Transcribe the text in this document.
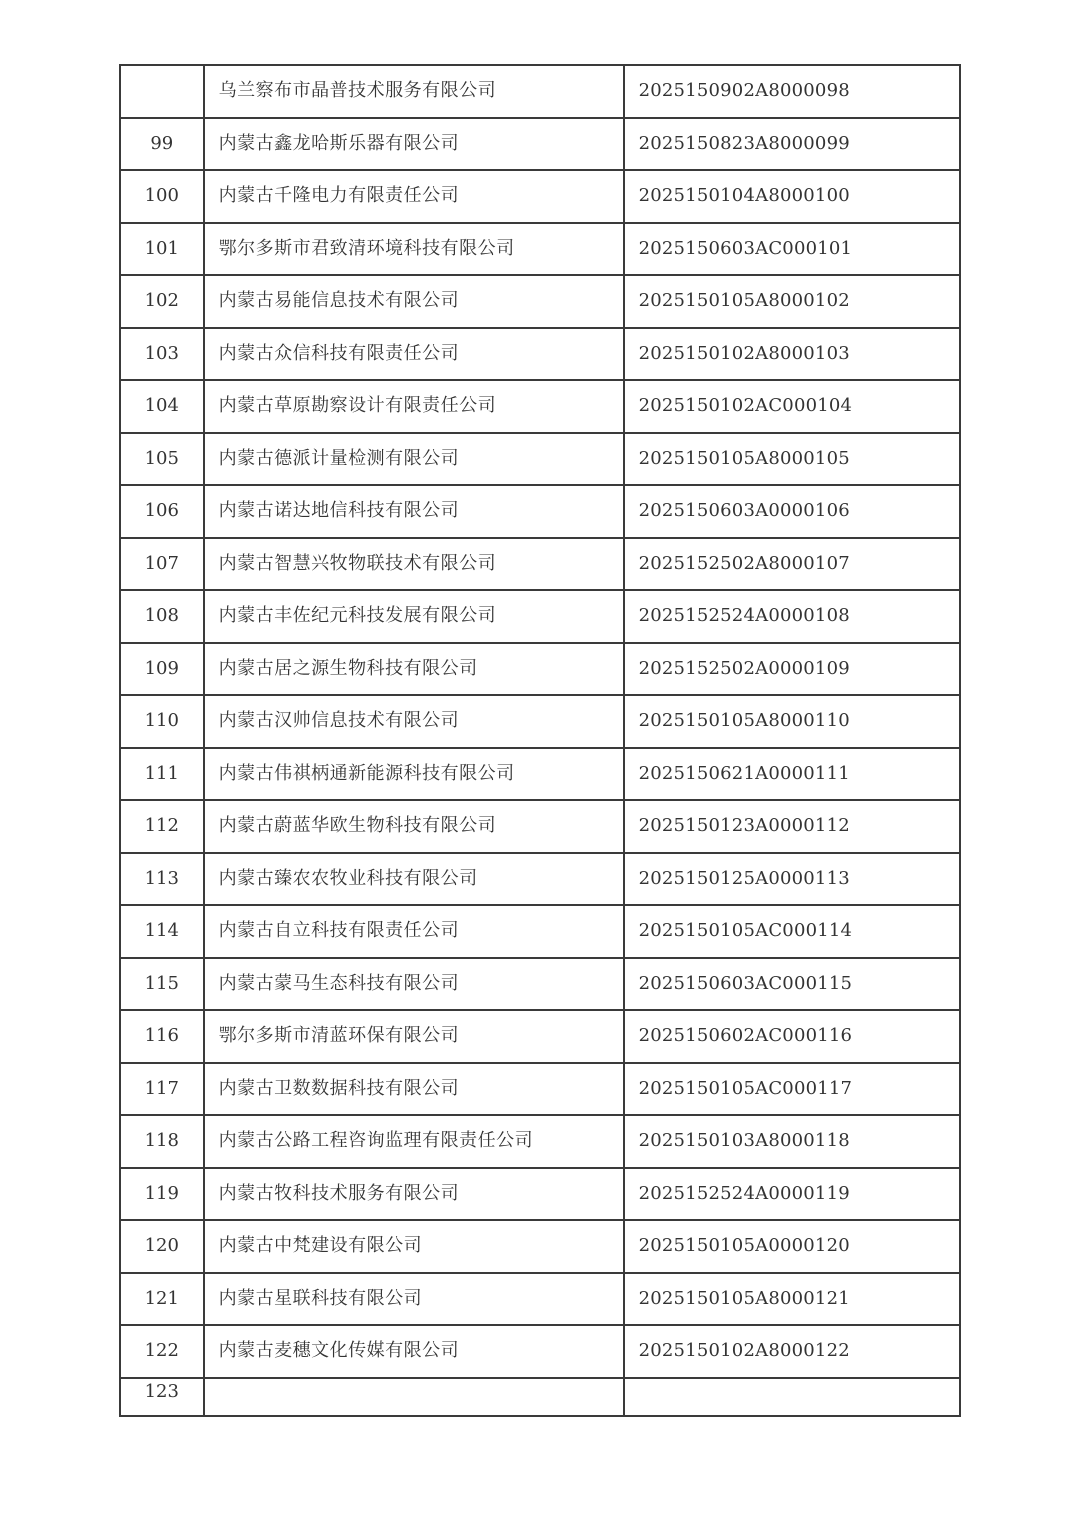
	乌兰察布市晶普技术服务有限公司	2025150902A8000098
99	内蒙古鑫龙哈斯乐器有限公司	2025150823A8000099
100	内蒙古千隆电力有限责任公司	2025150104A8000100
101	鄂尔多斯市君致清环境科技有限公司	2025150603AC000101
102	内蒙古易能信息技术有限公司	2025150105A8000102
103	内蒙古众信科技有限责任公司	2025150102A8000103
104	内蒙古草原勘察设计有限责任公司	2025150102AC000104
105	内蒙古德派计量检测有限公司	2025150105A8000105
106	内蒙古诺达地信科技有限公司	2025150603A0000106
107	内蒙古智慧兴牧物联技术有限公司	2025152502A8000107
108	内蒙古丰佐纪元科技发展有限公司	2025152524A0000108
109	内蒙古居之源生物科技有限公司	2025152502A0000109
110	内蒙古汉帅信息技术有限公司	2025150105A8000110
111	内蒙古伟祺柄通新能源科技有限公司	2025150621A0000111
112	内蒙古蔚蓝华欧生物科技有限公司	2025150123A0000112
113	内蒙古臻农农牧业科技有限公司	2025150125A0000113
114	内蒙古自立科技有限责任公司	2025150105AC000114
115	内蒙古蒙马生态科技有限公司	2025150603AC000115
116	鄂尔多斯市清蓝环保有限公司	2025150602AC000116
117	内蒙古卫数数据科技有限公司	2025150105AC000117
118	内蒙古公路工程咨询监理有限责任公司	2025150103A8000118
119	内蒙古牧科技术服务有限公司	2025152524A0000119
120	内蒙古中梵建设有限公司	2025150105A0000120
121	内蒙古星联科技有限公司	2025150105A8000121
122	内蒙古麦穗文化传媒有限公司	2025150102A8000122
123		
